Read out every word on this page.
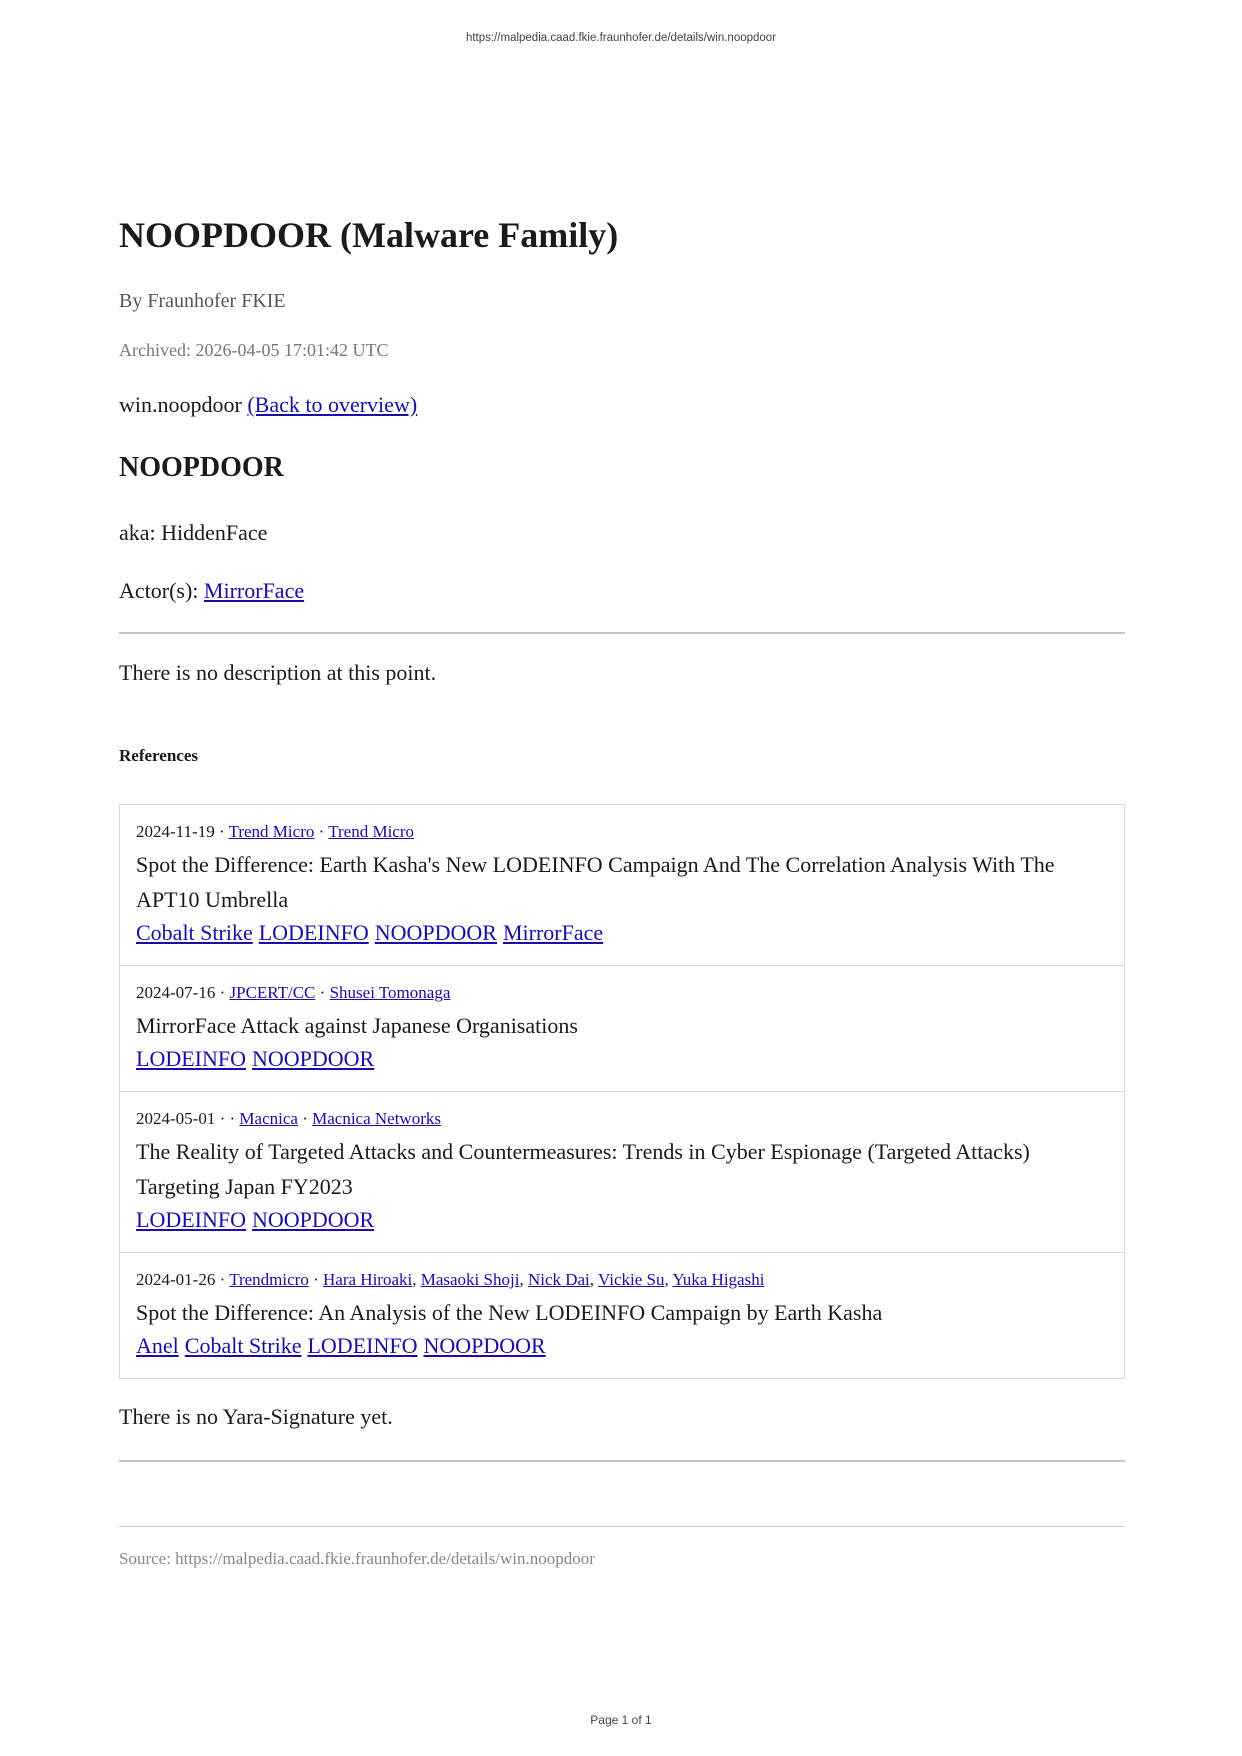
https://malpedia.caad.fkie.fraunhofer.de/details/win.noopdoor
NOOPDOOR (Malware Family)
By Fraunhofer FKIE
Archived: 2026-04-05 17:01:42 UTC
win.noopdoor (Back to overview)
NOOPDOOR
aka: HiddenFace
Actor(s): MirrorFace
There is no description at this point.
References
2024-11-19 · Trend Micro · Trend Micro
Spot the Difference: Earth Kasha's New LODEINFO Campaign And The Correlation Analysis With The APT10 Umbrella
Cobalt Strike LODEINFO NOOPDOOR MirrorFace
2024-07-16 · JPCERT/CC · Shusei Tomonaga
MirrorFace Attack against Japanese Organisations
LODEINFO NOOPDOOR
2024-05-01 · · Macnica · Macnica Networks
The Reality of Targeted Attacks and Countermeasures: Trends in Cyber Espionage (Targeted Attacks) Targeting Japan FY2023
LODEINFO NOOPDOOR
2024-01-26 · Trendmicro · Hara Hiroaki, Masaoki Shoji, Nick Dai, Vickie Su, Yuka Higashi
Spot the Difference: An Analysis of the New LODEINFO Campaign by Earth Kasha
Anel Cobalt Strike LODEINFO NOOPDOOR
There is no Yara-Signature yet.
Source: https://malpedia.caad.fkie.fraunhofer.de/details/win.noopdoor
Page 1 of 1
